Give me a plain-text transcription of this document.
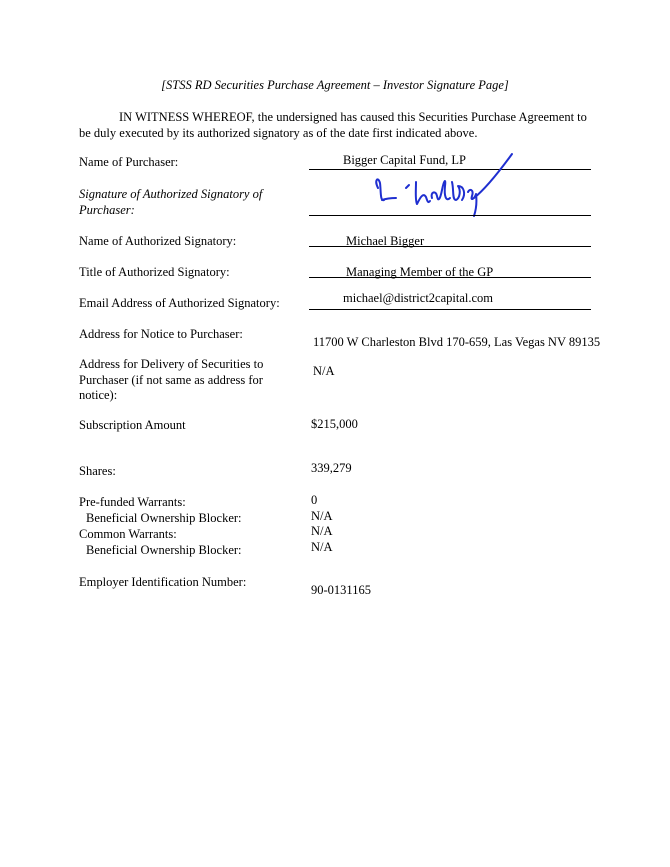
[STSS RD Securities Purchase Agreement – Investor Signature Page]
IN WITNESS WHEREOF, the undersigned has caused this Securities Purchase Agreement to be duly executed by its authorized signatory as of the date first indicated above.
Name of Purchaser:	Bigger Capital Fund, LP
Signature of Authorized Signatory of Purchaser:
Name of Authorized Signatory:	Michael Bigger
Title of Authorized Signatory:	Managing Member of the GP
Email Address of Authorized Signatory:	michael@district2capital.com
Address for Notice to Purchaser:
11700 W Charleston Blvd 170-659, Las Vegas NV 89135
Address for Delivery of Securities to Purchaser (if not same as address for notice):
N/A
Subscription Amount	$215,000
Shares:	339,279
Pre-funded Warrants:	0
Beneficial Ownership Blocker:	N/A
Common Warrants:	N/A
Beneficial Ownership Blocker:	N/A
Employer Identification Number:
90-0131165
